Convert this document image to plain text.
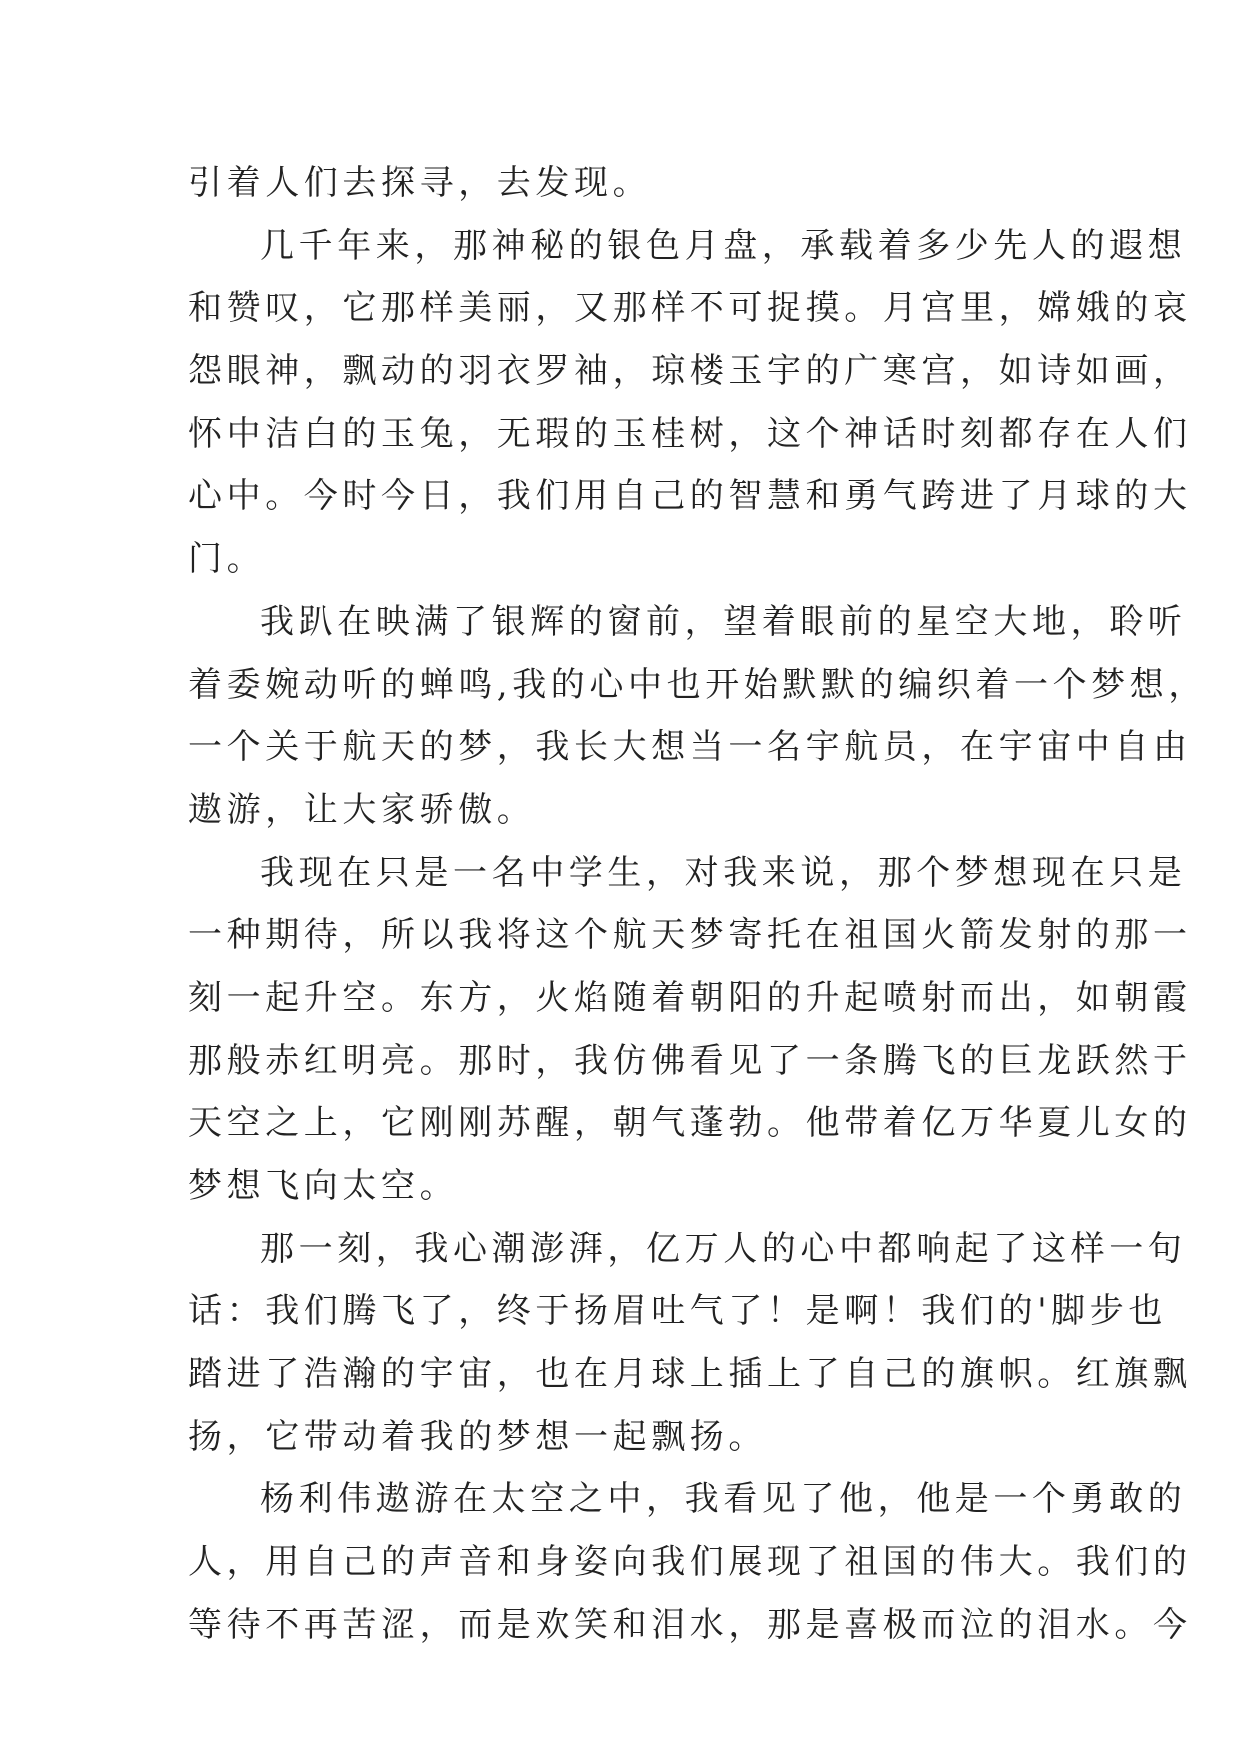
引着人们去探寻，去发现。
几千年来，那神秘的银色月盘，承载着多少先人的遐想
和赞叹，它那样美丽，又那样不可捉摸。月宫里，嫦娥的哀
怨眼神，飘动的羽衣罗袖，琼楼玉宇的广寒宫，如诗如画，
怀中洁白的玉兔，无瑕的玉桂树，这个神话时刻都存在人们
心中。今时今日，我们用自己的智慧和勇气跨进了月球的大
门。
我趴在映满了银辉的窗前，望着眼前的星空大地，聆听
着委婉动听的蝉鸣,我的心中也开始默默的编织着一个梦想，
一个关于航天的梦，我长大想当一名宇航员，在宇宙中自由
遨游，让大家骄傲。
我现在只是一名中学生，对我来说，那个梦想现在只是
一种期待，所以我将这个航天梦寄托在祖国火箭发射的那一
刻一起升空。东方，火焰随着朝阳的升起喷射而出，如朝霞
那般赤红明亮。那时，我仿佛看见了一条腾飞的巨龙跃然于
天空之上，它刚刚苏醒，朝气蓬勃。他带着亿万华夏儿女的
梦想飞向太空。
那一刻，我心潮澎湃，亿万人的心中都响起了这样一句
话：我们腾飞了，终于扬眉吐气了！是啊！我们的'脚步也
踏进了浩瀚的宇宙，也在月球上插上了自己的旗帜。红旗飘
扬，它带动着我的梦想一起飘扬。
杨利伟遨游在太空之中，我看见了他，他是一个勇敢的
人，用自己的声音和身姿向我们展现了祖国的伟大。我们的
等待不再苦涩，而是欢笑和泪水，那是喜极而泣的泪水。今
